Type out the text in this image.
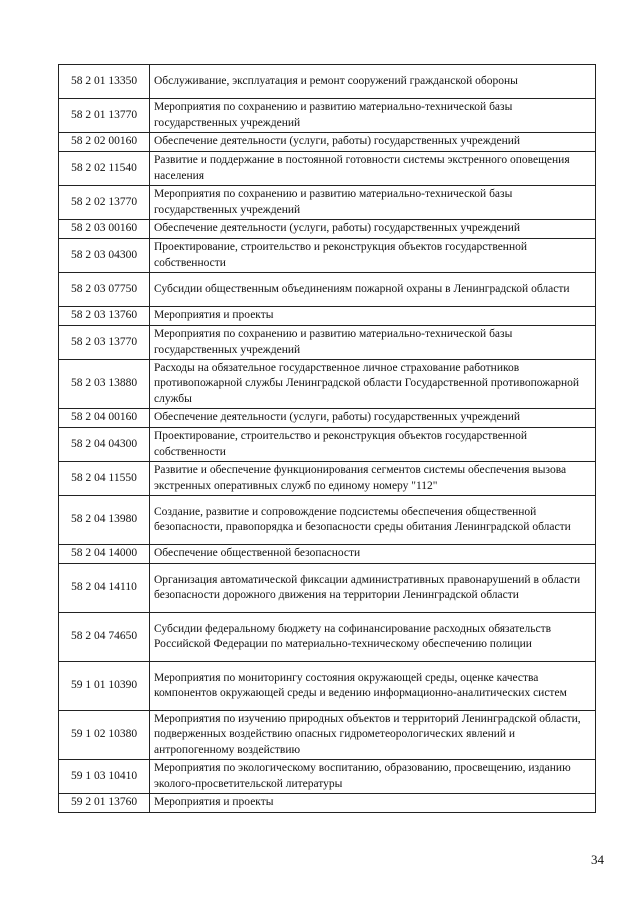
58 2 01 13350	Обслуживание, эксплуатация и ремонт сооружений гражданской обороны
58 2 01 13770	Мероприятия по сохранению и развитию материально-технической базы государственных учреждений
58 2 02 00160	Обеспечение деятельности (услуги, работы) государственных учреждений
58 2 02 11540	Развитие и поддержание в постоянной готовности системы экстренного оповещения населения
58 2 02 13770	Мероприятия по сохранению и развитию материально-технической базы государственных учреждений
58 2 03 00160	Обеспечение деятельности (услуги, работы) государственных учреждений
58 2 03 04300	Проектирование, строительство и реконструкция объектов государственной собственности
58 2 03 07750	Субсидии общественным объединениям пожарной охраны в Ленинградской области
58 2 03 13760	Мероприятия и проекты
58 2 03 13770	Мероприятия по сохранению и развитию материально-технической базы государственных учреждений
58 2 03 13880	Расходы на обязательное государственное личное страхование работников противопожарной службы Ленинградской области Государственной противопожарной службы
58 2 04 00160	Обеспечение деятельности (услуги, работы) государственных учреждений
58 2 04 04300	Проектирование, строительство и реконструкция объектов государственной собственности
58 2 04 11550	Развитие и обеспечение функционирования сегментов системы обеспечения вызова экстренных оперативных служб по единому номеру "112"
58 2 04 13980	Создание, развитие и сопровождение подсистемы обеспечения общественной безопасности, правопорядка и безопасности среды обитания Ленинградской области
58 2 04 14000	Обеспечение общественной безопасности
58 2 04 14110	Организация автоматической фиксации административных правонарушений в области безопасности дорожного движения на территории Ленинградской области
58 2 04 74650	Субсидии федеральному бюджету на софинансирование расходных обязательств Российской Федерации по материально-техническому обеспечению полиции
59 1 01 10390	Мероприятия по мониторингу состояния окружающей среды, оценке качества компонентов окружающей среды и ведению информационно-аналитических систем
59 1 02 10380	Мероприятия по изучению природных объектов и территорий Ленинградской области, подверженных воздействию опасных гидрометеорологических явлений и антропогенному воздействию
59 1 03 10410	Мероприятия по экологическому воспитанию, образованию, просвещению, изданию эколого-просветительской литературы
59 2 01 13760	Мероприятия и проекты
34
